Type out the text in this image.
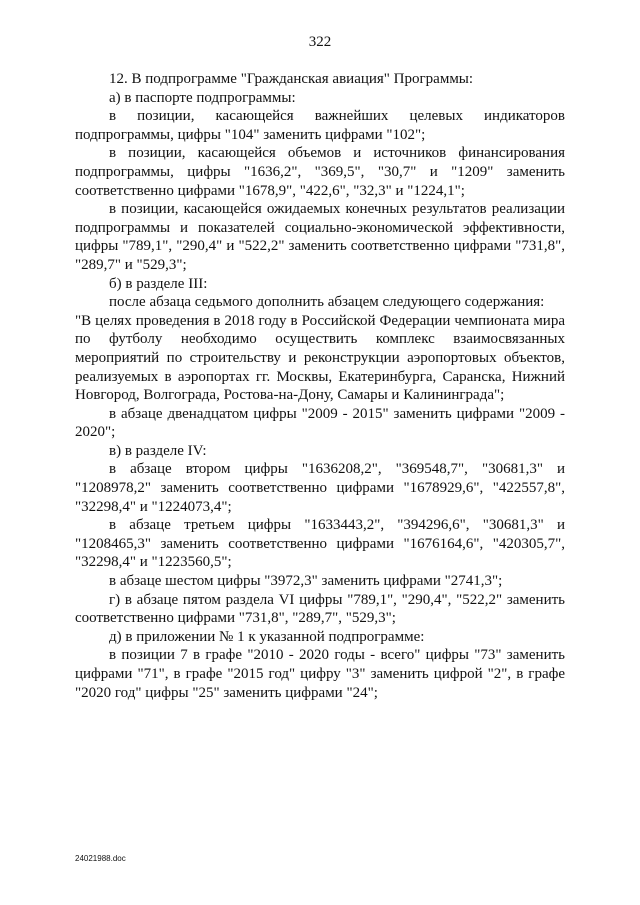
322

12. В подпрограмме "Гражданская авиация" Программы:

а) в паспорте подпрограммы:

в позиции, касающейся важнейших целевых индикаторов подпрограммы, цифры "104" заменить цифрами "102";

в позиции, касающейся объемов и источников финансирования подпрограммы, цифры "1636,2", "369,5", "30,7" и "1209" заменить соответственно цифрами "1678,9", "422,6", "32,3" и "1224,1";

в позиции, касающейся ожидаемых конечных результатов реализации подпрограммы и показателей социально-экономической эффективности, цифры "789,1", "290,4" и "522,2" заменить соответственно цифрами "731,8", "289,7" и "529,3";

б) в разделе III:

после абзаца седьмого дополнить абзацем следующего содержания:

"В целях проведения в 2018 году в Российской Федерации чемпионата мира по футболу необходимо осуществить комплекс взаимосвязанных мероприятий по строительству и реконструкции аэропортовых объектов, реализуемых в аэропортах гг. Москвы, Екатеринбурга, Саранска, Нижний Новгород, Волгограда, Ростова-на-Дону, Самары и Калининграда";

в абзаце двенадцатом цифры "2009 - 2015" заменить цифрами "2009 - 2020";

в) в разделе IV:

в абзаце втором цифры "1636208,2", "369548,7", "30681,3" и "1208978,2" заменить соответственно цифрами "1678929,6", "422557,8", "32298,4" и "1224073,4";

в абзаце третьем цифры "1633443,2", "394296,6", "30681,3" и "1208465,3" заменить соответственно цифрами "1676164,6", "420305,7", "32298,4" и "1223560,5";

в абзаце шестом цифры "3972,3" заменить цифрами "2741,3";

г) в абзаце пятом раздела VI цифры "789,1", "290,4", "522,2" заменить соответственно цифрами "731,8", "289,7", "529,3";

д) в приложении № 1 к указанной подпрограмме:

в позиции 7 в графе "2010 - 2020 годы - всего" цифры "73" заменить цифрами "71", в графе "2015 год" цифру "3" заменить цифрой "2", в графе "2020 год" цифры "25" заменить цифрами "24";

24021988.doc
